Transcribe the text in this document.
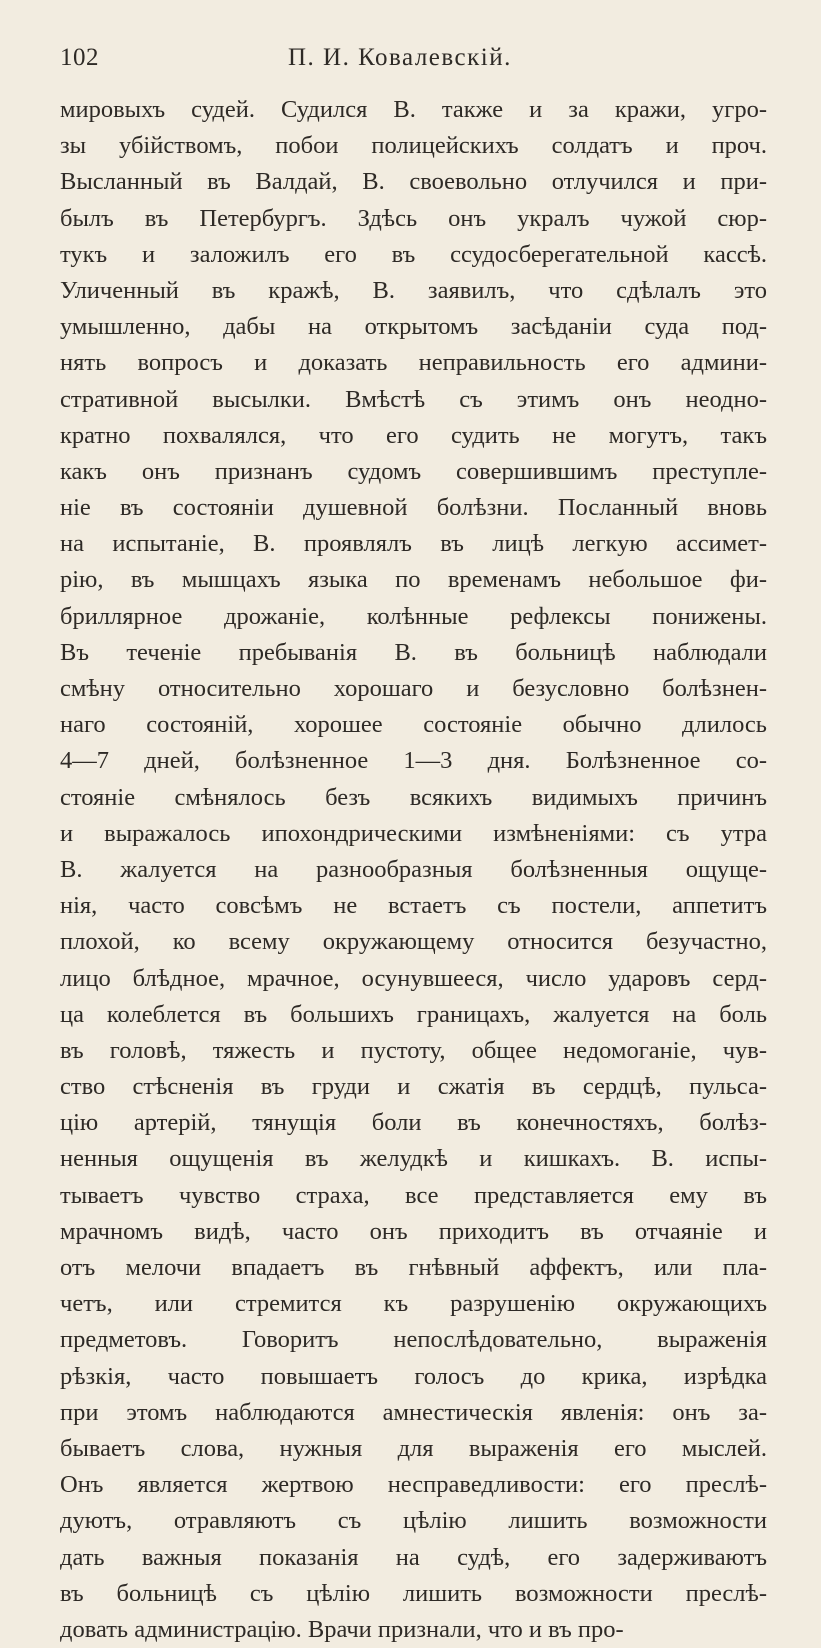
102	П. И. Ковалевскій.
мировыхъ судей. Судился В. также и за кражи, угро-
зы убійствомъ, побои полицейскихъ солдатъ и проч.
Высланный въ Валдай, В. своевольно отлучился и при-
былъ въ Петербургъ. Здѣсь онъ укралъ чужой сюр-
тукъ и заложилъ его въ ссудосберегательной кассѣ.
Уличенный въ кражѣ, В. заявилъ, что сдѣлалъ это
умышленно, дабы на открытомъ засѣданіи суда под-
нять вопросъ и доказать неправильность его админи-
стративной высылки. Вмѣстѣ съ этимъ онъ неодно-
кратно похвалялся, что его судить не могутъ, такъ
какъ онъ признанъ судомъ совершившимъ преступле-
ніе въ состояніи душевной болѣзни. Посланный вновь
на испытаніе, В. проявлялъ въ лицѣ легкую ассимет-
рію, въ мышцахъ языка по временамъ небольшое фи-
бриллярное дрожаніе, колѣнные рефлексы понижены.
Въ теченіе пребыванія В. въ больницѣ наблюдали
смѣну относительно хорошаго и безусловно болѣзнен-
наго состояній, хорошее состояніе обычно длилось
4—7 дней, болѣзненное 1—3 дня. Болѣзненное со-
стояніе смѣнялось безъ всякихъ видимыхъ причинъ
и выражалось ипохондрическими измѣненіями: съ утра
В. жалуется на разнообразныя болѣзненныя ощуще-
нія, часто совсѣмъ не встаетъ съ постели, аппетитъ
плохой, ко всему окружающему относится безучастно,
лицо блѣдное, мрачное, осунувшееся, число ударовъ серд-
ца колеблется въ большихъ границахъ, жалуется на боль
въ головѣ, тяжесть и пустоту, общее недомоганіе, чув-
ство стѣсненія въ груди и сжатія въ сердцѣ, пульса-
цію артерій, тянущія боли въ конечностяхъ, болѣз-
ненныя ощущенія въ желудкѣ и кишкахъ. В. испы-
тываетъ чувство страха, все представляется ему въ
мрачномъ видѣ, часто онъ приходитъ въ отчаяніе и
отъ мелочи впадаетъ въ гнѣвный аффектъ, или пла-
четъ, или стремится къ разрушенію окружающихъ
предметовъ. Говоритъ непослѣдовательно, выраженія
рѣзкія, часто повышаетъ голосъ до крика, изрѣдка
при этомъ наблюдаются амнестическія явленія: онъ за-
бываетъ слова, нужныя для выраженія его мыслей.
Онъ является жертвою несправедливости: его преслѣ-
дуютъ, отравляютъ съ цѣлію лишить возможности
дать важныя показанія на судѣ, его задерживаютъ
въ больницѣ съ цѣлію лишить возможности преслѣ-
довать администрацію. Врачи признали, что и въ про-
